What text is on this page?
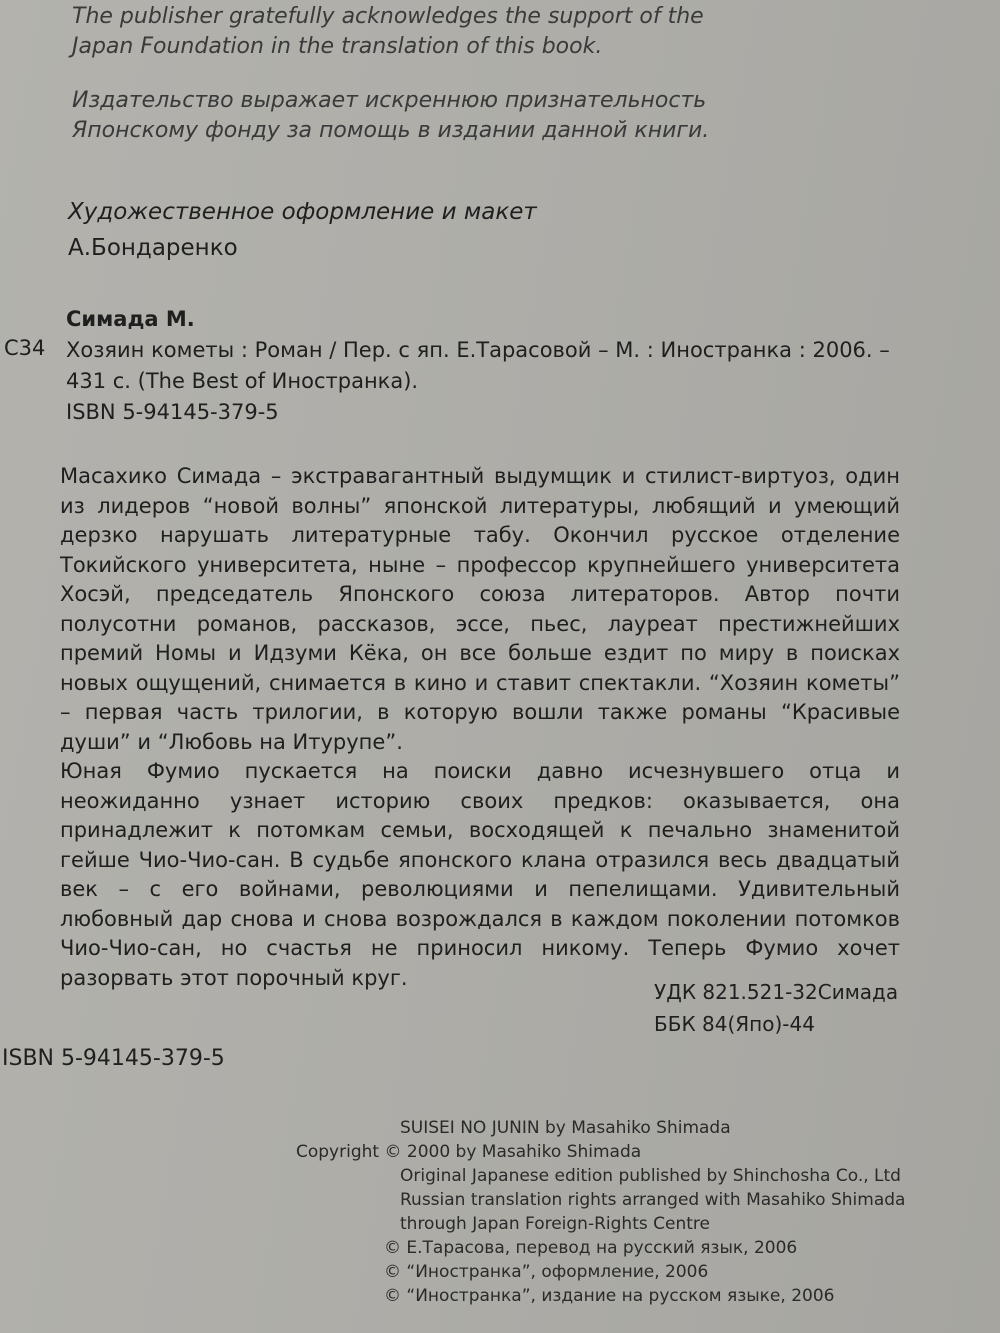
The publisher gratefully acknowledges the support of the
Japan Foundation in the translation of this book.
Издательство выражает искреннюю признательность
Японскому фонду за помощь в издании данной книги.
Художественное оформление и макет
А.Бондаренко
С34
Симада М.
Хозяин кометы : Роман / Пер. с яп. Е.Тарасовой – М. : Иностранка : 2006. –
431 с. (The Best of Иностранка).
ISBN 5-94145-379-5

Масахико Симада – экстравагантный выдумщик и стилист-виртуоз, один из лидеров “новой волны” японской литературы, любящий и умеющий дерзко нарушать литературные табу. Окончил русское отделение Токийского университета, ныне – профессор крупнейшего университета Хосэй, председатель Японского союза литераторов. Автор почти полусотни романов, рассказов, эссе, пьес, лауреат престижнейших премий Номы и Идзуми Кёка, он все больше ездит по миру в поисках новых ощущений, снимается в кино и ставит спектакли. “Хозяин кометы” – первая часть трилогии, в которую вошли также романы “Красивые души” и “Любовь на Итурупе”.

Юная Фумио пускается на поиски давно исчезнувшего отца и неожиданно узнает историю своих предков: оказывается, она принадлежит к потомкам семьи, восходящей к печально знаменитой гейше Чио-Чио-сан. В судьбе японского клана отразился весь двадцатый век – с его войнами, революциями и пепелищами. Удивительный любовный дар снова и снова возрождался в каждом поколении потомков Чио-Чио-сан, но счастья не приносил никому. Теперь Фумио хочет разорвать этот порочный круг.

УДК 821.521-32Симада
ББК 84(Япо)-44
ISBN 5-94145-379-5
SUISEI NO JUNIN by Masahiko Shimada
Copyright © 2000 by Masahiko Shimada
Original Japanese edition published by Shinchosha Co., Ltd
Russian translation rights arranged with Masahiko Shimada
through Japan Foreign-Rights Centre
© Е.Тарасова, перевод на русский язык, 2006
© “Иностранка”, оформление, 2006
© “Иностранка”, издание на русском языке, 2006
